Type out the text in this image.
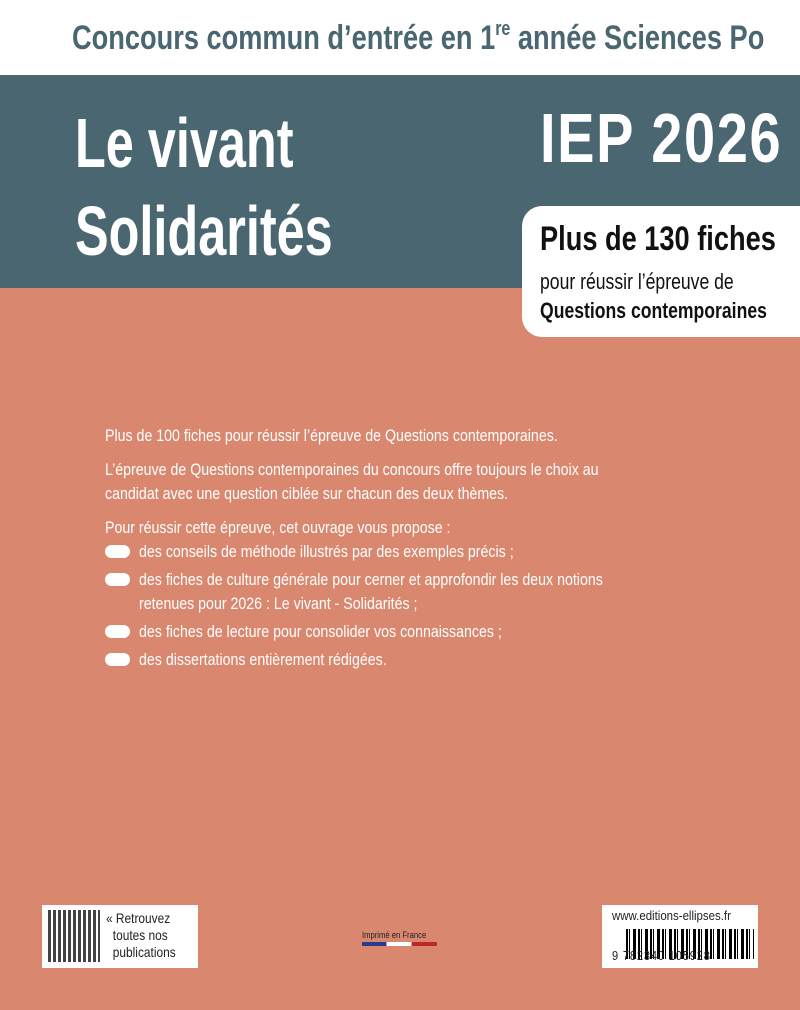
Concours commun d’entrée en 1re année Sciences Po
Le vivant
Solidarités
IEP 2026
Plus de 130 fiches
pour réussir l’épreuve de
Questions contemporaines

Plus de 100 fiches pour réussir l’épreuve de Questions contemporaines.

L’épreuve de Questions contemporaines du concours offre toujours le choix au

candidat avec une question ciblée sur chacun des deux thèmes.

Pour réussir cette épreuve, cet ouvrage vous propose :

des conseils de méthode illustrés par des exemples précis ;

des fiches de culture générale pour cerner et approfondir les deux notions

retenues pour 2026 : Le vivant - Solidarités ;

des fiches de lecture pour consolider vos connaissances ;

des dissertations entièrement rédigées.

« Retrouvez
toutes nos
publications
Imprimé en France
www.editions-ellipses.fr
9 782340 105928
